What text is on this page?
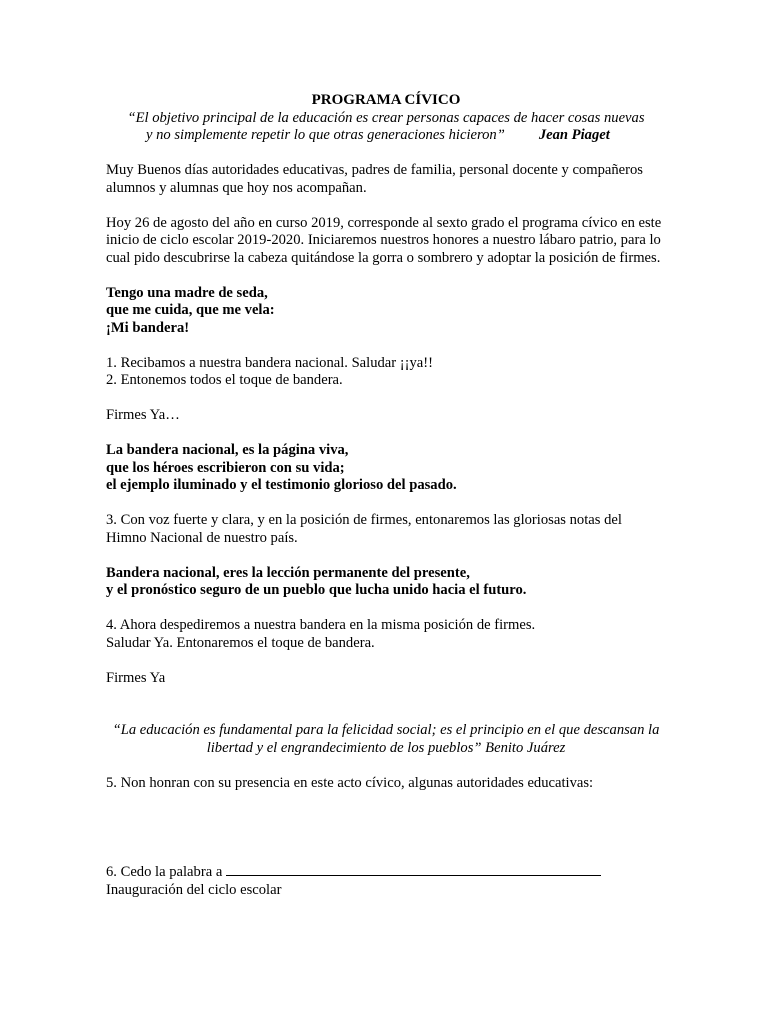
PROGRAMA CÍVICO

“El objetivo principal de la educación es crear personas capaces de hacer cosas nuevas
y no simplemente repetir lo que otras generaciones hicieron” Jean Piaget

Muy Buenos días autoridades educativas, padres de familia, personal docente y compañeros alumnos y alumnas que hoy nos acompañan.

Hoy 26 de agosto del año en curso 2019, corresponde al sexto grado el programa cívico en este inicio de ciclo escolar 2019-2020. Iniciaremos nuestros honores a nuestro lábaro patrio, para lo cual pido descubrirse la cabeza quitándose la gorra o sombrero y adoptar la posición de firmes.

Tengo una madre de seda,
que me cuida, que me vela:
¡Mi bandera!

1. Recibamos a nuestra bandera nacional. Saludar ¡¡ya!!
2. Entonemos todos el toque de bandera.

Firmes Ya…

La bandera nacional, es la página viva,
que los héroes escribieron con su vida;
el ejemplo iluminado y el testimonio glorioso del pasado.

3. Con voz fuerte y clara, y en la posición de firmes, entonaremos las gloriosas notas del Himno Nacional de nuestro país.

Bandera nacional, eres la lección permanente del presente,
y el pronóstico seguro de un pueblo que lucha unido hacia el futuro.

4. Ahora despediremos a nuestra bandera en la misma posición de firmes.
Saludar Ya. Entonaremos el toque de bandera.

Firmes Ya

“La educación es fundamental para la felicidad social; es el principio en el que descansan la
libertad y el engrandecimiento de los pueblos” Benito Juárez

5. Non honran con su presencia en este acto cívico, algunas autoridades educativas:

6. Cedo la palabra a

Inauguración del ciclo escolar
